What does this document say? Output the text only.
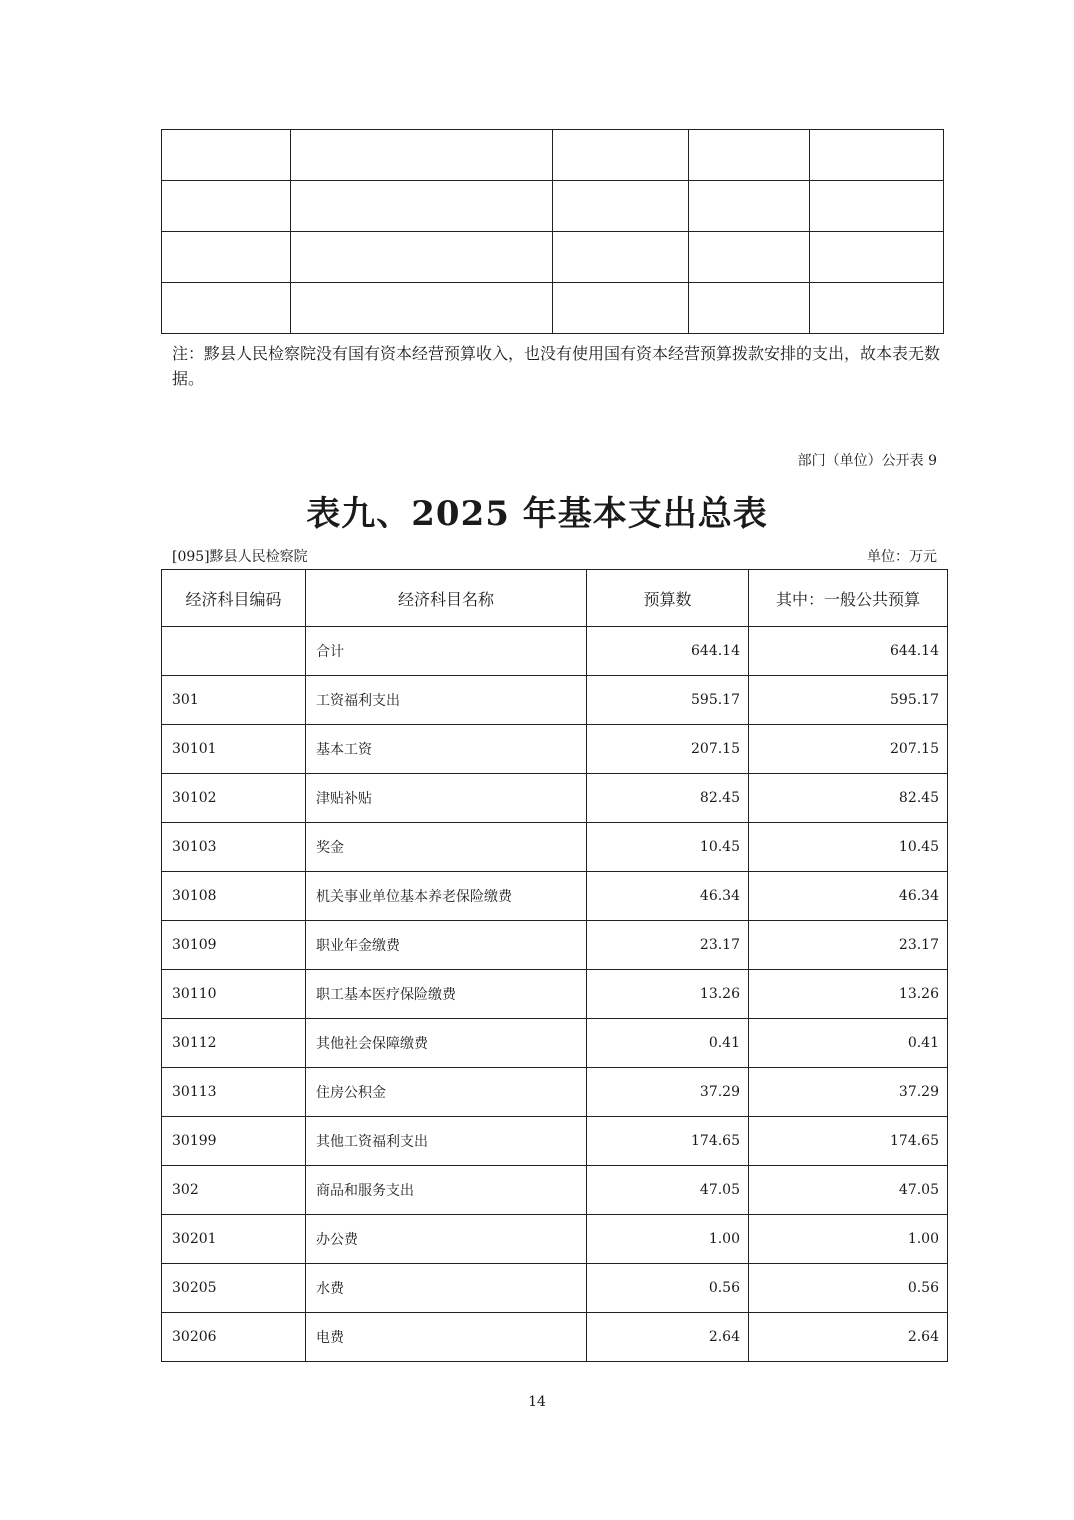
注：黟县人民检察院没有国有资本经营预算收入，也没有使用国有资本经营预算拨款安排的支出，故本表无数据。
部门（单位）公开表 9
表九、2025 年基本支出总表
[095]黟县人民检察院	单位：万元
经济科目编码	经济科目名称	预算数	其中：一般公共预算
	合计	644.14	644.14
301	工资福利支出	595.17	595.17
30101	基本工资	207.15	207.15
30102	津贴补贴	82.45	82.45
30103	奖金	10.45	10.45
30108	机关事业单位基本养老保险缴费	46.34	46.34
30109	职业年金缴费	23.17	23.17
30110	职工基本医疗保险缴费	13.26	13.26
30112	其他社会保障缴费	0.41	0.41
30113	住房公积金	37.29	37.29
30199	其他工资福利支出	174.65	174.65
302	商品和服务支出	47.05	47.05
30201	办公费	1.00	1.00
30205	水费	0.56	0.56
30206	电费	2.64	2.64
14
